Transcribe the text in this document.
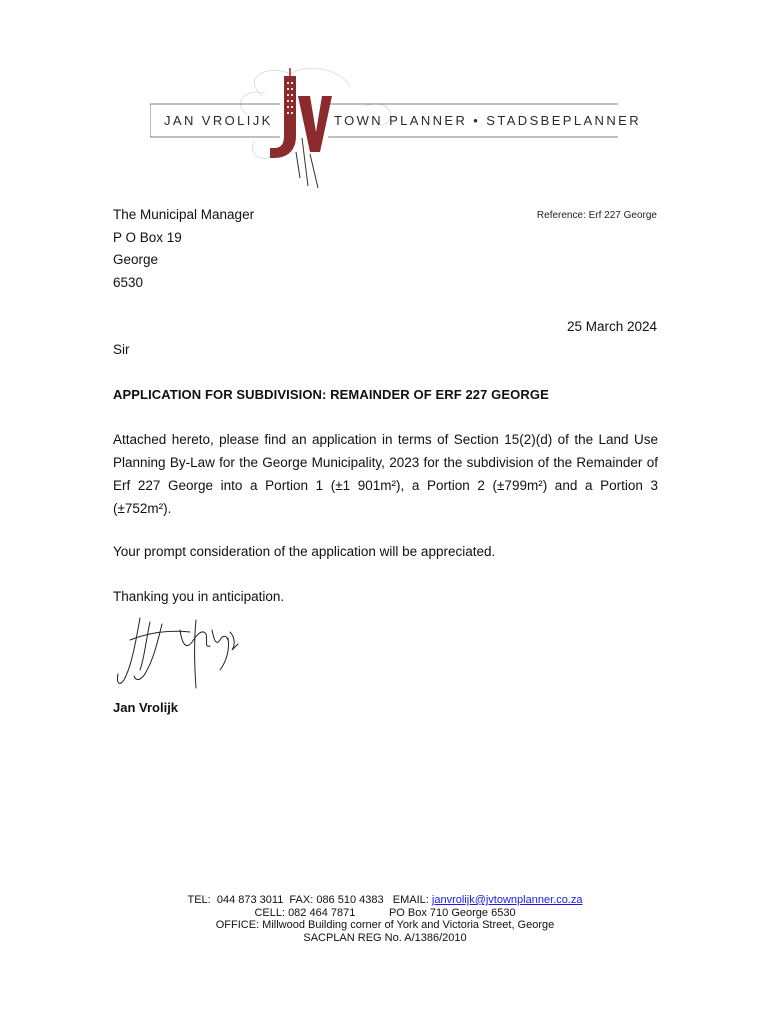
JAN VROLIJK	TOWN PLANNER • STADSBEPLANNER
The Municipal Manager
P O Box 19
George
6530
Reference: Erf 227 George
25 March 2024
Sir
APPLICATION FOR SUBDIVISION: REMAINDER OF ERF 227 GEORGE

Attached hereto, please find an application in terms of Section 15(2)(d) of the Land Use Planning By-Law for the George Municipality, 2023 for the subdivision of the Remainder of Erf 227 George into a Portion 1 (±1 901m²), a Portion 2 (±799m²) and a Portion 3 (±752m²).

Your prompt consideration of the application will be appreciated.

Thanking you in anticipation.

Jan Vrolijk
TEL:  044 873 3011  FAX: 086 510 4383   EMAIL: janvrolijk@jvtownplanner.co.za
CELL: 082 464 7871           PO Box 710 George 6530
OFFICE: Millwood Building corner of York and Victoria Street, George
SACPLAN REG No. A/1386/2010
